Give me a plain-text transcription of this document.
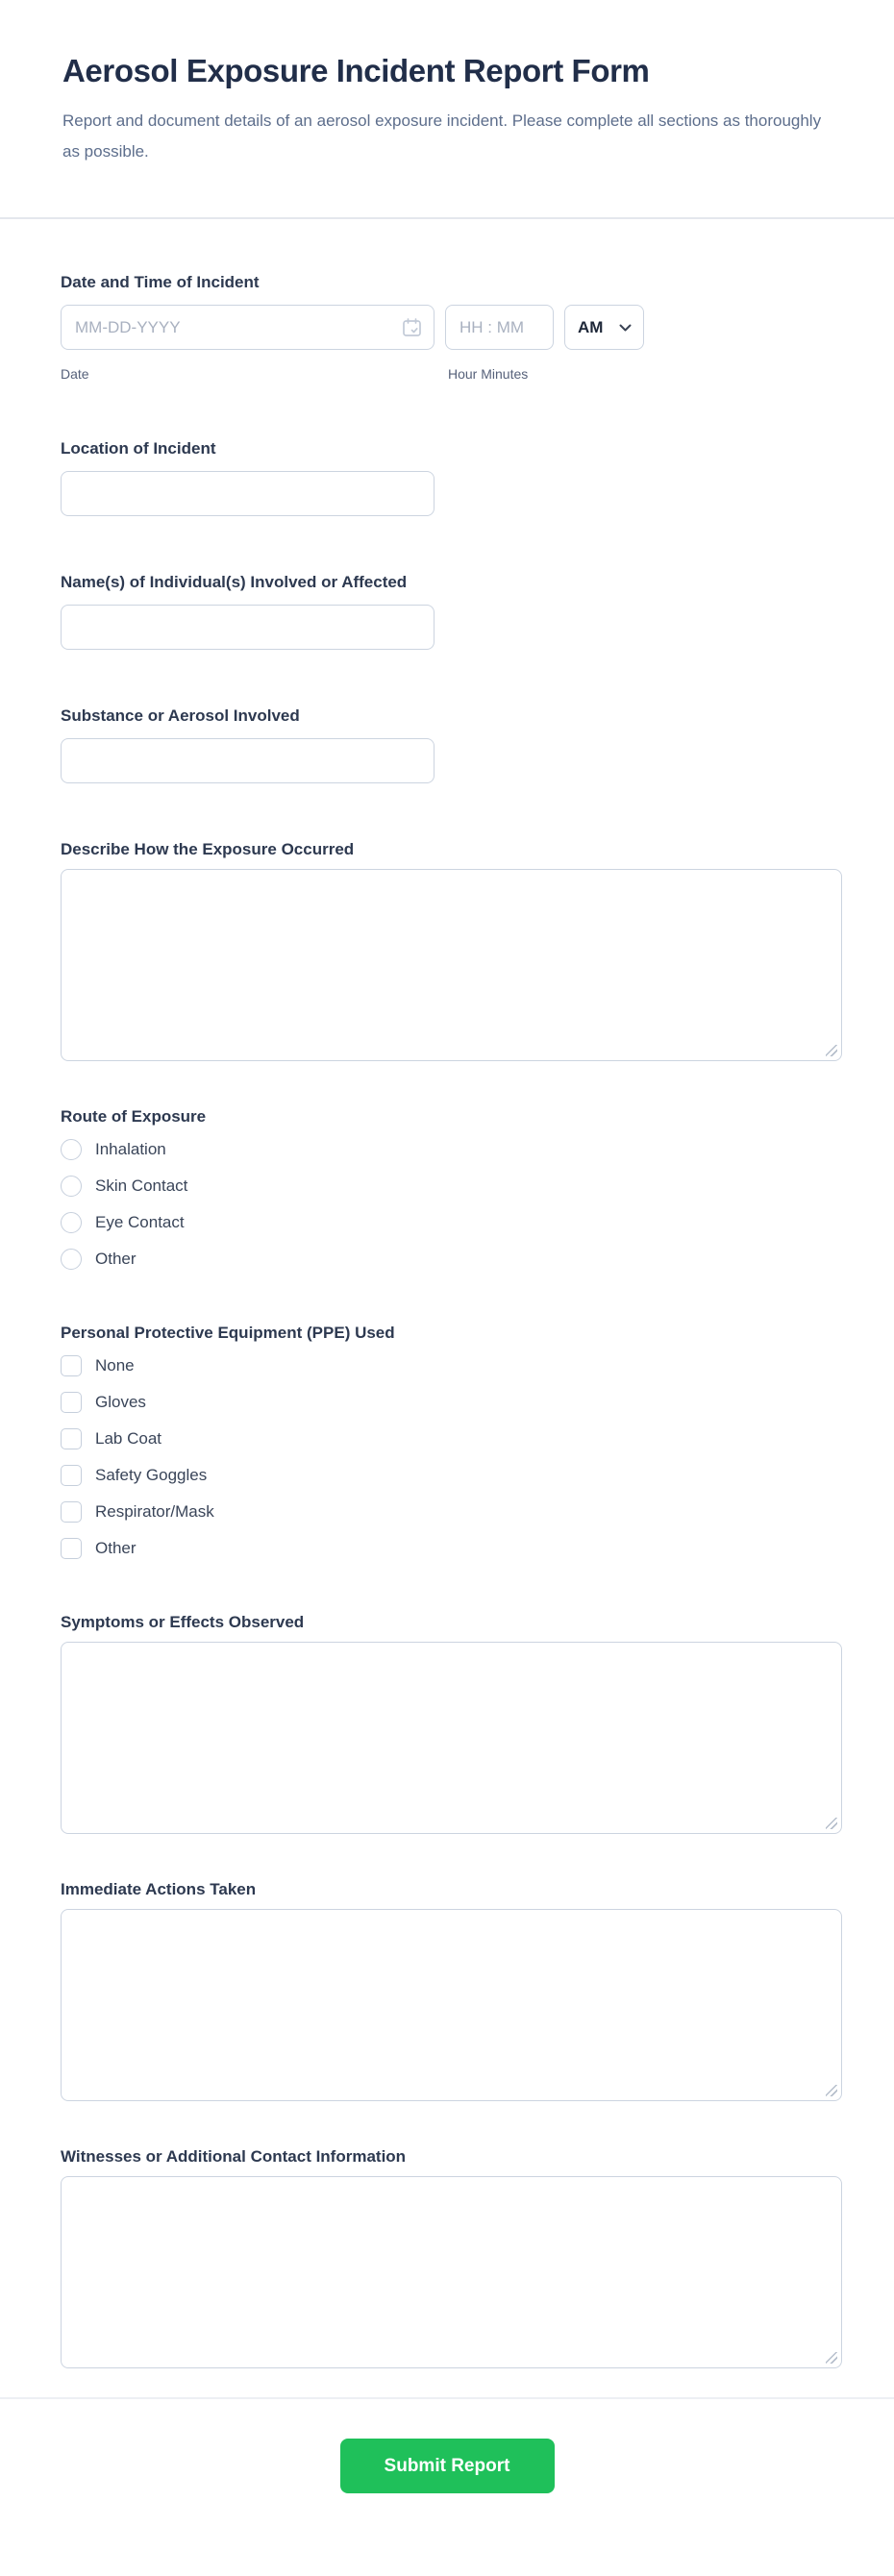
Aerosol Exposure Incident Report Form

Report and document details of an aerosol exposure incident. Please complete all sections as thoroughly as possible.

Date and Time of Incident
MM-DD-YYYY
HH : MM
AM
Date	Hour Minutes
Location of Incident
Name(s) of Individual(s) Involved or Affected
Substance or Aerosol Involved
Describe How the Exposure Occurred
Route of Exposure
Inhalation
Skin Contact
Eye Contact
Other
Personal Protective Equipment (PPE) Used
None
Gloves
Lab Coat
Safety Goggles
Respirator/Mask
Other
Symptoms or Effects Observed
Immediate Actions Taken
Witnesses or Additional Contact Information
Submit Report
